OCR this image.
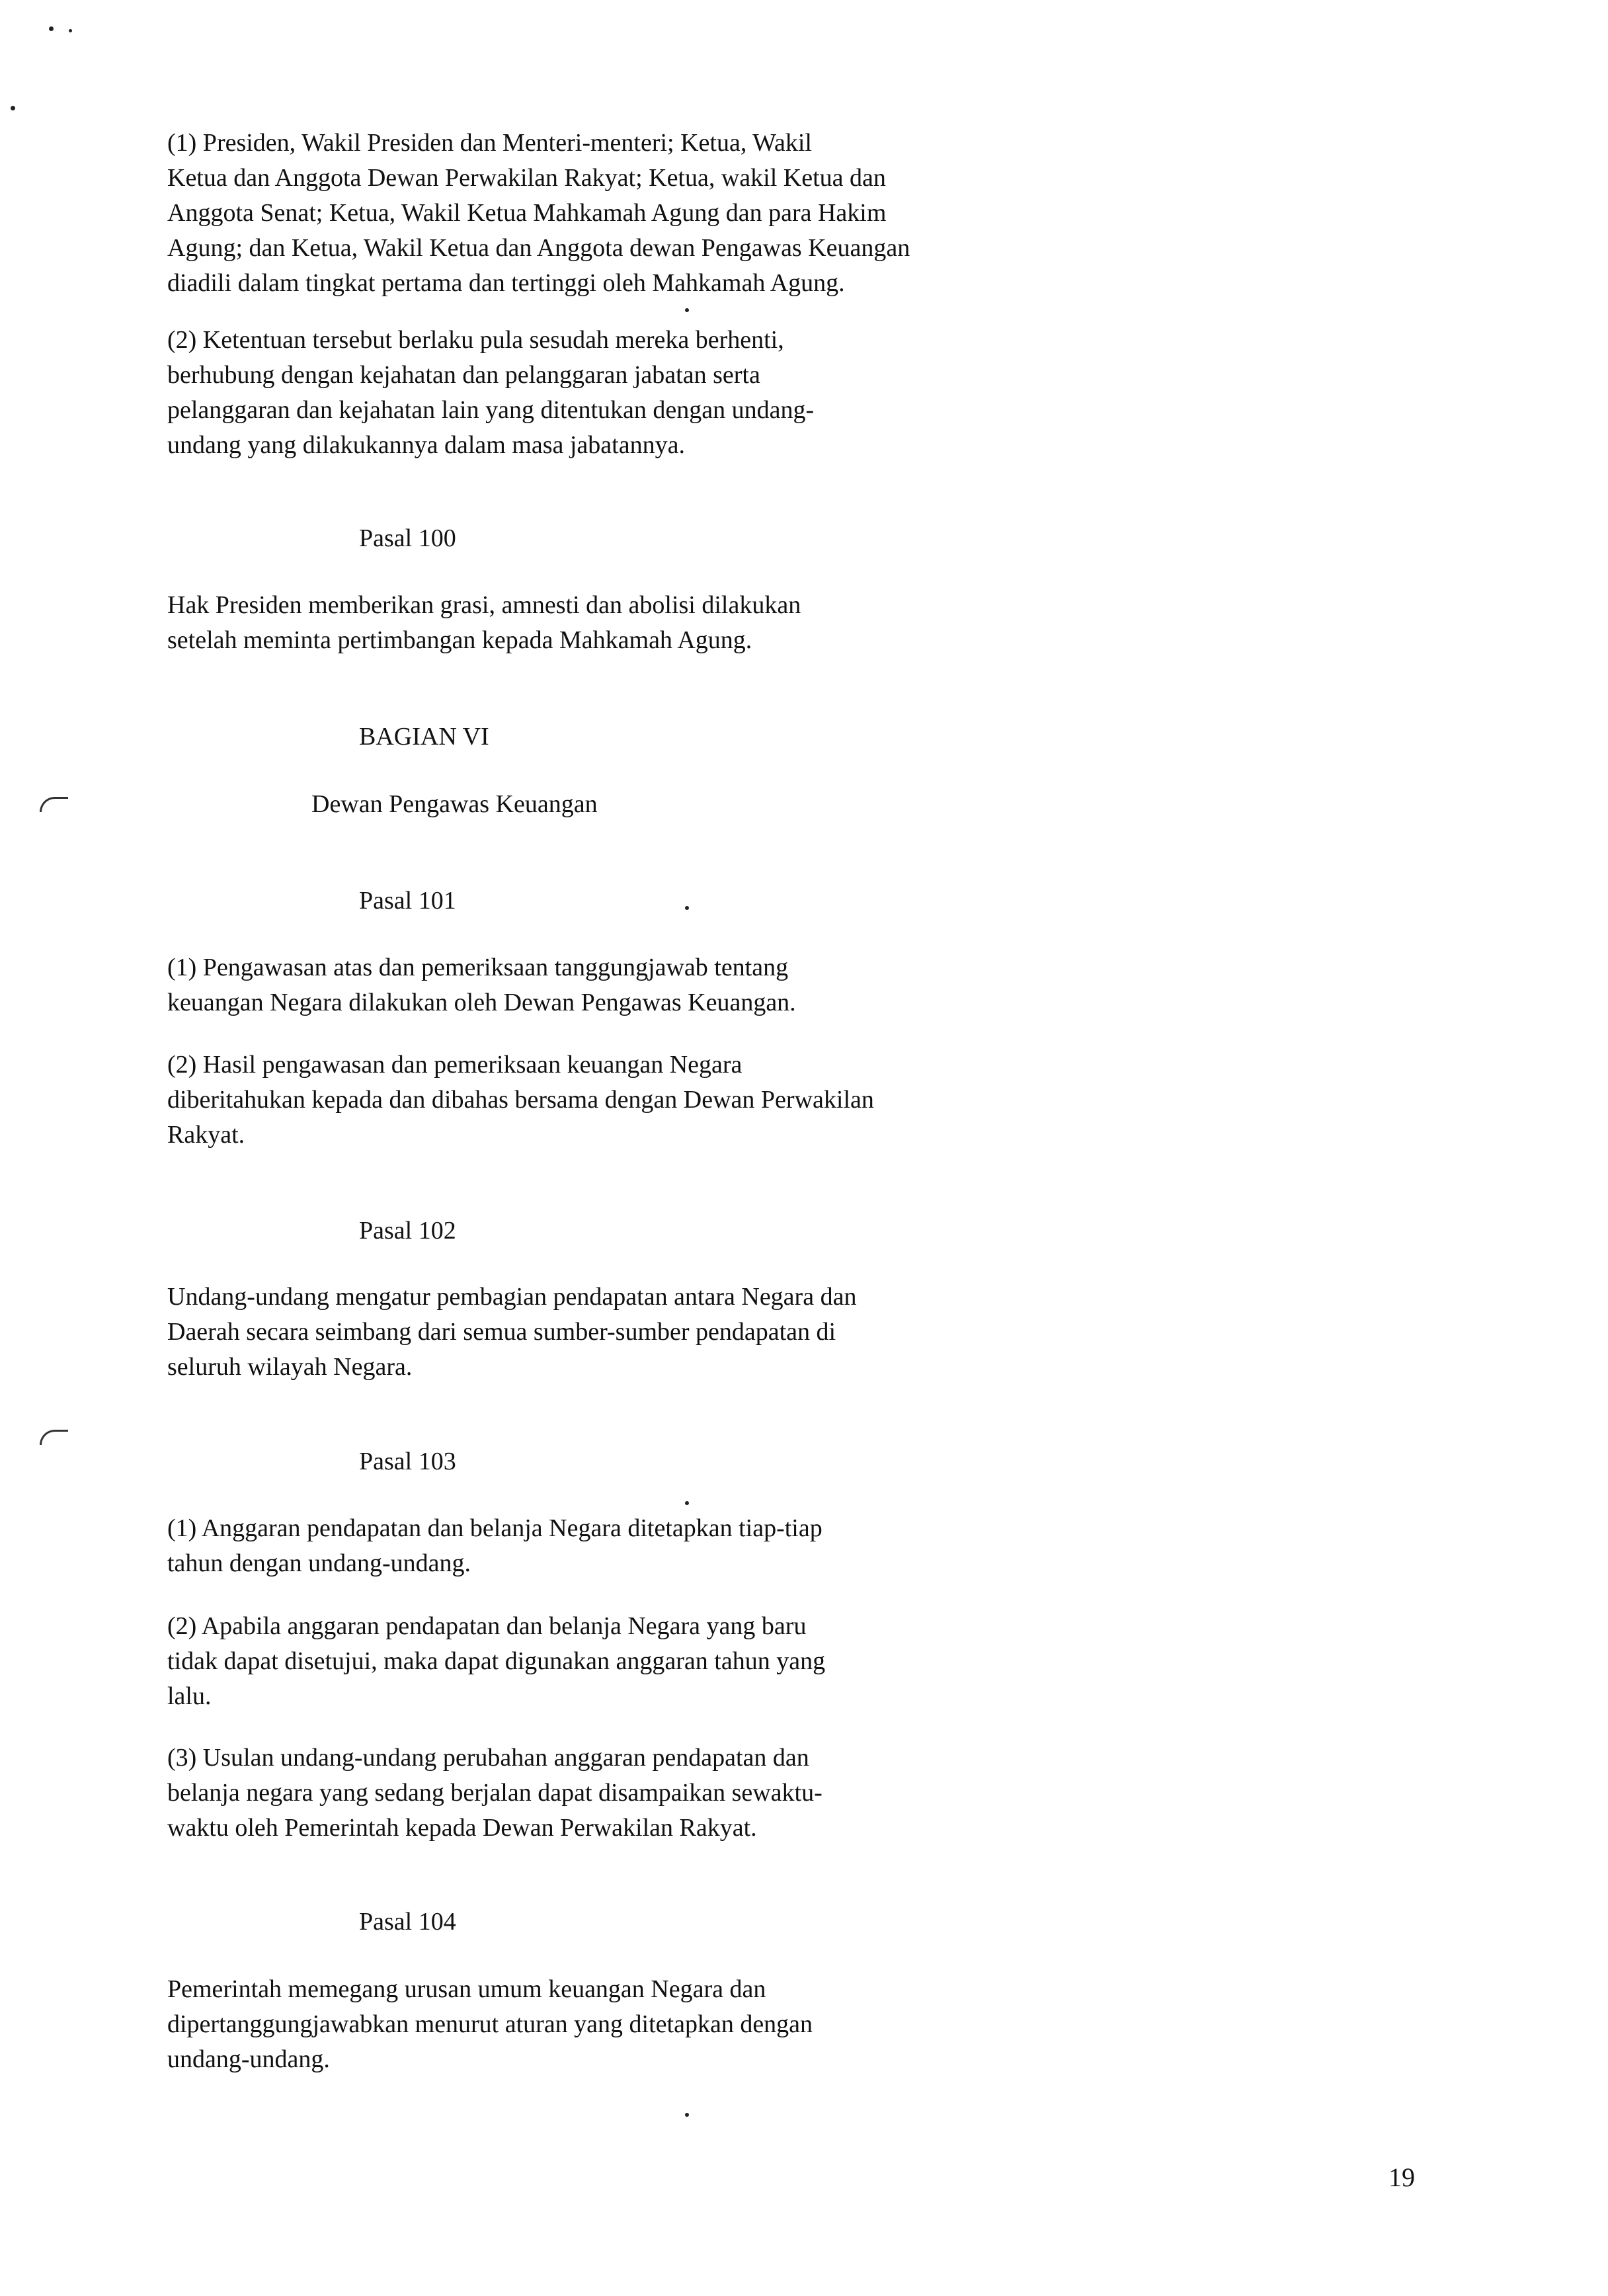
(1) Presiden, Wakil Presiden dan Menteri-menteri; Ketua, Wakil
Ketua dan Anggota Dewan Perwakilan Rakyat; Ketua, wakil Ketua dan
Anggota Senat; Ketua, Wakil Ketua Mahkamah Agung dan para Hakim
Agung; dan Ketua, Wakil Ketua dan Anggota dewan Pengawas Keuangan
diadili dalam tingkat pertama dan tertinggi oleh Mahkamah Agung.

(2) Ketentuan tersebut berlaku pula sesudah mereka berhenti,
berhubung dengan kejahatan dan pelanggaran jabatan serta
pelanggaran dan kejahatan lain yang ditentukan dengan undang-
undang yang dilakukannya dalam masa jabatannya.

Pasal 100

Hak Presiden memberikan grasi, amnesti dan abolisi dilakukan
setelah meminta pertimbangan kepada Mahkamah Agung.

BAGIAN VI

Dewan Pengawas Keuangan

Pasal 101

(1) Pengawasan atas dan pemeriksaan tanggungjawab tentang
keuangan Negara dilakukan oleh Dewan Pengawas Keuangan.

(2) Hasil pengawasan dan pemeriksaan keuangan Negara
diberitahukan kepada dan dibahas bersama dengan Dewan Perwakilan
Rakyat.

Pasal 102

Undang-undang mengatur pembagian pendapatan antara Negara dan
Daerah secara seimbang dari semua sumber-sumber pendapatan di
seluruh wilayah Negara.

Pasal 103

(1) Anggaran pendapatan dan belanja Negara ditetapkan tiap-tiap
tahun dengan undang-undang.

(2) Apabila anggaran pendapatan dan belanja Negara yang baru
tidak dapat disetujui, maka dapat digunakan anggaran tahun yang
lalu.

(3) Usulan undang-undang perubahan anggaran pendapatan dan
belanja negara yang sedang berjalan dapat disampaikan sewaktu-
waktu oleh Pemerintah kepada Dewan Perwakilan Rakyat.

Pasal 104

Pemerintah memegang urusan umum keuangan Negara dan
dipertanggungjawabkan menurut aturan yang ditetapkan dengan
undang-undang.

19
